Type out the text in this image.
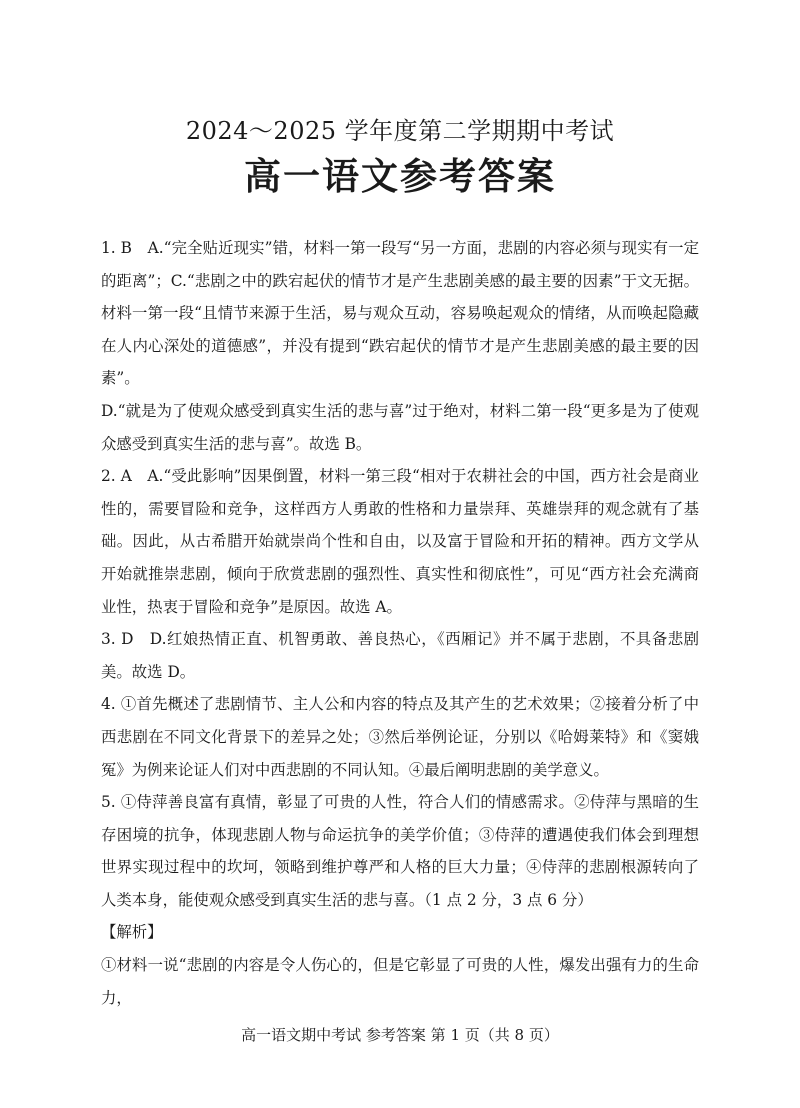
2024～2025 学年度第二学期期中考试
高一语文参考答案

1. B　A.“完全贴近现实”错，材料一第一段写“另一方面，悲剧的内容必须与现实有一定的距离”；C.“悲剧之中的跌宕起伏的情节才是产生悲剧美感的最主要的因素”于文无据。材料一第一段“且情节来源于生活，易与观众互动，容易唤起观众的情绪，从而唤起隐藏在人内心深处的道德感”，并没有提到“跌宕起伏的情节才是产生悲剧美感的最主要的因素”。

D.“就是为了使观众感受到真实生活的悲与喜”过于绝对，材料二第一段“更多是为了使观众感受到真实生活的悲与喜”。故选 B。

2. A　A.“受此影响”因果倒置，材料一第三段“相对于农耕社会的中国，西方社会是商业性的，需要冒险和竞争，这样西方人勇敢的性格和力量崇拜、英雄崇拜的观念就有了基础。因此，从古希腊开始就崇尚个性和自由，以及富于冒险和开拓的精神。西方文学从开始就推崇悲剧，倾向于欣赏悲剧的强烈性、真实性和彻底性”，可见“西方社会充满商业性，热衷于冒险和竞争”是原因。故选 A。

3. D　D.红娘热情正直、机智勇敢、善良热心，《西厢记》并不属于悲剧，不具备悲剧美。故选 D。

4. ①首先概述了悲剧情节、主人公和内容的特点及其产生的艺术效果；②接着分析了中西悲剧在不同文化背景下的差异之处；③然后举例论证，分别以《哈姆莱特》和《窦娥冤》为例来论证人们对中西悲剧的不同认知。④最后阐明悲剧的美学意义。

5. ①侍萍善良富有真情，彰显了可贵的人性，符合人们的情感需求。②侍萍与黑暗的生存困境的抗争，体现悲剧人物与命运抗争的美学价值；③侍萍的遭遇使我们体会到理想世界实现过程中的坎坷，领略到维护尊严和人格的巨大力量；④侍萍的悲剧根源转向了人类本身，能使观众感受到真实生活的悲与喜。（1 点 2 分，3 点 6 分）

【解析】

①材料一说“悲剧的内容是令人伤心的，但是它彰显了可贵的人性，爆发出强有力的生命力，

高一语文期中考试 参考答案 第 1 页（共 8 页）
